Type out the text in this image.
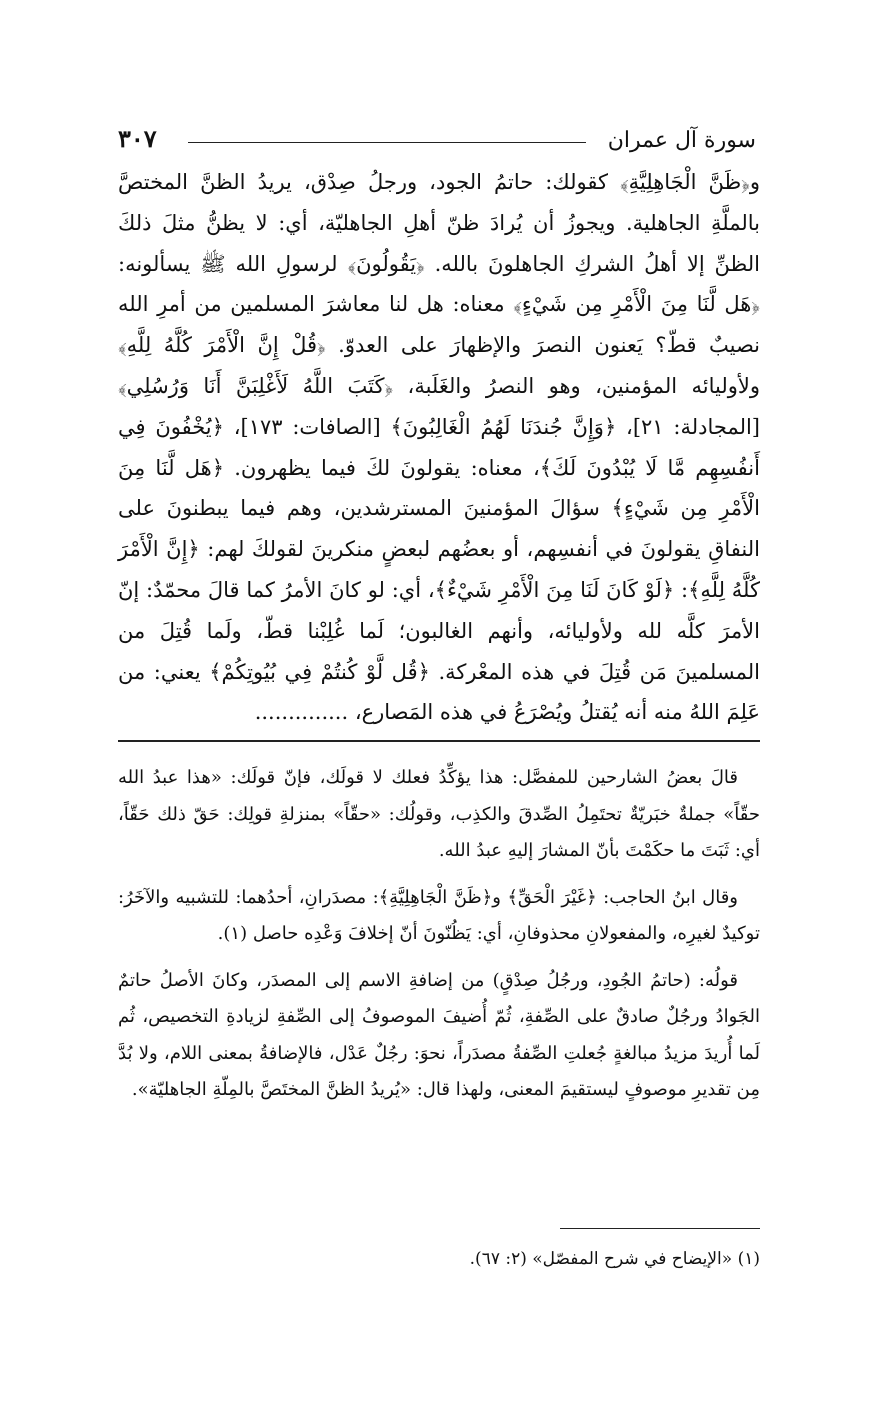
سورة آل عمران
٣٠٧

و﴿ظَنَّ الْجَاهِلِيَّةِ﴾ كقولك: حاتمُ الجود، ورجلُ صِدْق، يريدُ الظنَّ المختصَّ بالملَّةِ الجاهلية. ويجوزُ أن يُرادَ ظنّ أهلِ الجاهليّة، أي: لا يظنُّ مثلَ ذلكَ الظنِّ إلا أهلُ الشركِ الجاهلونَ بالله. ﴿يَقُولُونَ﴾ لرسولِ الله ﷺ يسألونه: ﴿هَل لَّنَا مِنَ الْأَمْرِ مِن شَيْءٍ﴾ معناه: هل لنا معاشرَ المسلمين من أمرِ الله نصيبٌ قطّ؟ يَعنون النصرَ والإظهارَ على العدوّ. ﴿قُلْ إِنَّ الْأَمْرَ كُلَّهُ لِلَّهِ﴾ ولأوليائه المؤمنين، وهو النصرُ والغَلَبة، ﴿كَتَبَ اللَّهُ لَأَغْلِبَنَّ أَنَا وَرُسُلِي﴾ [المجادلة: ٢١]، ﴿وَإِنَّ جُندَنَا لَهُمُ الْغَالِبُونَ﴾ [الصافات: ١٧٣]، ﴿يُخْفُونَ فِي أَنفُسِهِم مَّا لَا يُبْدُونَ لَكَ﴾، معناه: يقولونَ لكَ فيما يظهرون. ﴿هَل لَّنَا مِنَ الْأَمْرِ مِن شَيْءٍ﴾ سؤالَ المؤمنينَ المسترشدين، وهم فيما يبطنونَ على النفاقِ يقولونَ في أنفسِهم، أو بعضُهم لبعضٍ منكرينَ لقولكَ لهم: ﴿إِنَّ الْأَمْرَ كُلَّهُ لِلَّهِ﴾: ﴿لَوْ كَانَ لَنَا مِنَ الْأَمْرِ شَيْءٌ﴾، أي: لو كانَ الأمرُ كما قالَ محمّدٌ: إنّ الأمرَ كلَّه لله ولأوليائه، وأنهم الغالبون؛ لَما غُلِبْنا قطّ، ولَما قُتِلَ من المسلمينَ مَن قُتِلَ في هذه المعْركة. ﴿قُل لَّوْ كُنتُمْ فِي بُيُوتِكُمْ﴾ يعني: من عَلِمَ اللهُ منه أنه يُقتلُ ويُصْرَعُ في هذه المَصارع، ..............

قالَ بعضُ الشارحين للمفصَّل: هذا يؤكِّدُ فعلك لا قولَك، فإنّ قولَك: «هذا عبدُ الله حقّاً» جملةٌ خبَريّةٌ تحتَمِلُ الصِّدقَ والكذِب، وقولُك: «حقّاً» بمنزلةِ قولِك: حَقّ ذلك حَقّاً، أي: ثَبَتَ ما حكَمْتَ بأنّ المشارَ إليهِ عبدُ الله.

وقال ابنُ الحاجب: ﴿غَيْرَ الْحَقِّ﴾ و﴿ظَنَّ الْجَاهِلِيَّةِ﴾: مصدَرانِ، أحدُهما: للتشبيه والآخَرُ: توكيدٌ لغيرِه، والمفعولانِ محذوفانِ، أي: يَظُنّونَ أنّ إخلافَ وَعْدِه حاصل (١).

قولُه: (حاتمُ الجُودِ، ورجُلُ صِدْقٍ) من إضافةِ الاسم إلى المصدَر، وكانَ الأصلُ حاتمٌ الجَوادُ ورجُلٌ صادقٌ على الصِّفةِ، ثُمّ أُضيفَ الموصوفُ إلى الصِّفةِ لزيادةِ التخصيص، ثُم لَما أُريدَ مزيدُ مبالغةٍ جُعلتِ الصِّفةُ مصدَراً، نحوَ: رجُلٌ عَدْل، فالإضافةُ بمعنى اللام، ولا بُدَّ مِن تقديرِ موصوفٍ ليستقيمَ المعنى، ولهذا قال: «يُريدُ الظنَّ المختَصَّ بالمِلّةِ الجاهليّة».

(١) «الإيضاح في شرح المفصّل» (٢: ٦٧).
